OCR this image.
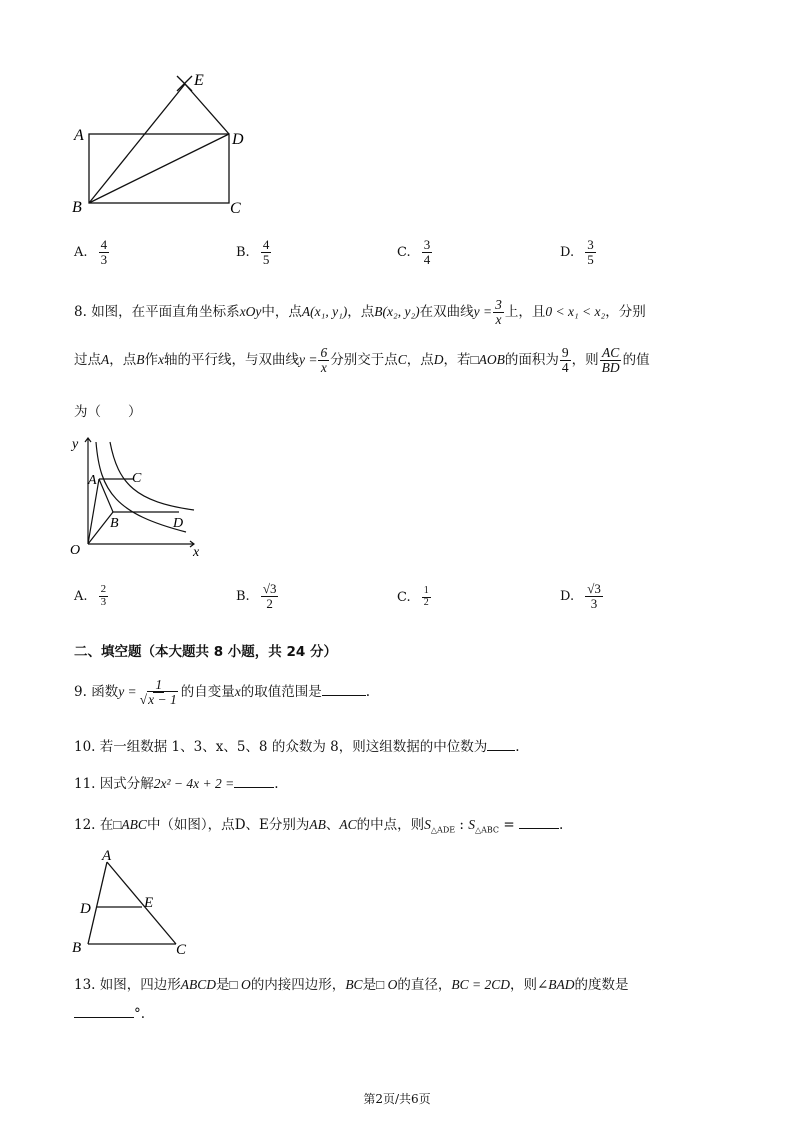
E
A	D
B	C
A. $\frac{4}{3}$	B. $\frac{4}{5}$	C. $\frac{3}{4}$	D. $\frac{3}{5}$
8. 如图，在平面直角坐标系xOy中，点A(x₁, y₁)，点B(x₂, y₂)在双曲线$y = \frac{3}{x}$ 上，且0 < x₁ < x₂，分别
过点A，点B作x轴的平行线，与双曲线$y = \frac{6}{x}$ 分别交于点C，点D，若□AOB的面积为 $\frac{9}{4}$ ，则 $\frac{AC}{BD}$ 的值
为（　　）
y
x
O
A	C
B	D
A. $\frac{2}{3}$	B. $\frac{√3}{2}$	C. $\frac{1}{2}$	D. $\frac{√3}{3}$
二、填空题（本大题共 8 小题，共 24 分）
9. 函数$y = \frac{1}{√x - 1}$ 的自变量x的取值范围是	.
10. 若一组数据 1、3、x、5、8 的众数为 8，则这组数据的中位数为 .
11. 因式分解2x² − 4x + 2 =	.
12. 在□ABC中（如图），点D、E分别为AB、AC的中点，则$S_{\triangle ADE}$ : $S_{\triangle ABC}$ =	.
A
D	E
B	C
13. 如图，四边形ABCD是□ O的内接四边形，BC是□ O的直径，BC = 2CD，则∠BAD的度数是
°.
第2页/共6页
